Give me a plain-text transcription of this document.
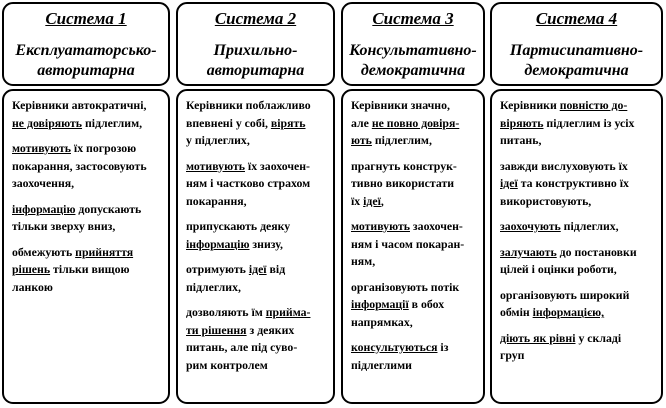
Система 1
Експлуататорсько-
авторитарна

Керівники автократичні,
не довіряють підлеглим,

мотивують їх погрозою
покарання, застосовують
заохочення,

інформацію допускають
тільки зверху вниз,

обмежують прийняття
рішень тільки вищою
ланкою

Система 2
Прихильно-
авторитарна

Керівники поблажливо
впевнені у собі, вірять
у підлеглих,

мотивують їх заохочен-
ням і частково страхом
покарання,

припускають деяку
інформацію знизу,

отримують ідеї від
підлеглих,

дозволяють їм прийма-
ти рішення з деяких
питань, але під суво-
рим контролем

Система 3
Консультативно-
демократична

Керівники значно,
але не повно довіря-
ють підлеглим,

прагнуть конструк-
тивно використати
їх ідеї,

мотивують заохочен-
ням і часом покаран-
ням,

організовують потік
інформації в обох
напрямках,

консультуються із
підлеглими

Система 4
Партисипативно-
демократична

Керівники повністю до-
віряють підлеглим із усіх
питань,

завжди вислуховують їх
ідеї та конструктивно їх
використовують,

заохочують підлеглих,

залучають до постановки
цілей і оцінки роботи,

організовують широкий
обмін інформацією,

діють як рівні у складі
груп
